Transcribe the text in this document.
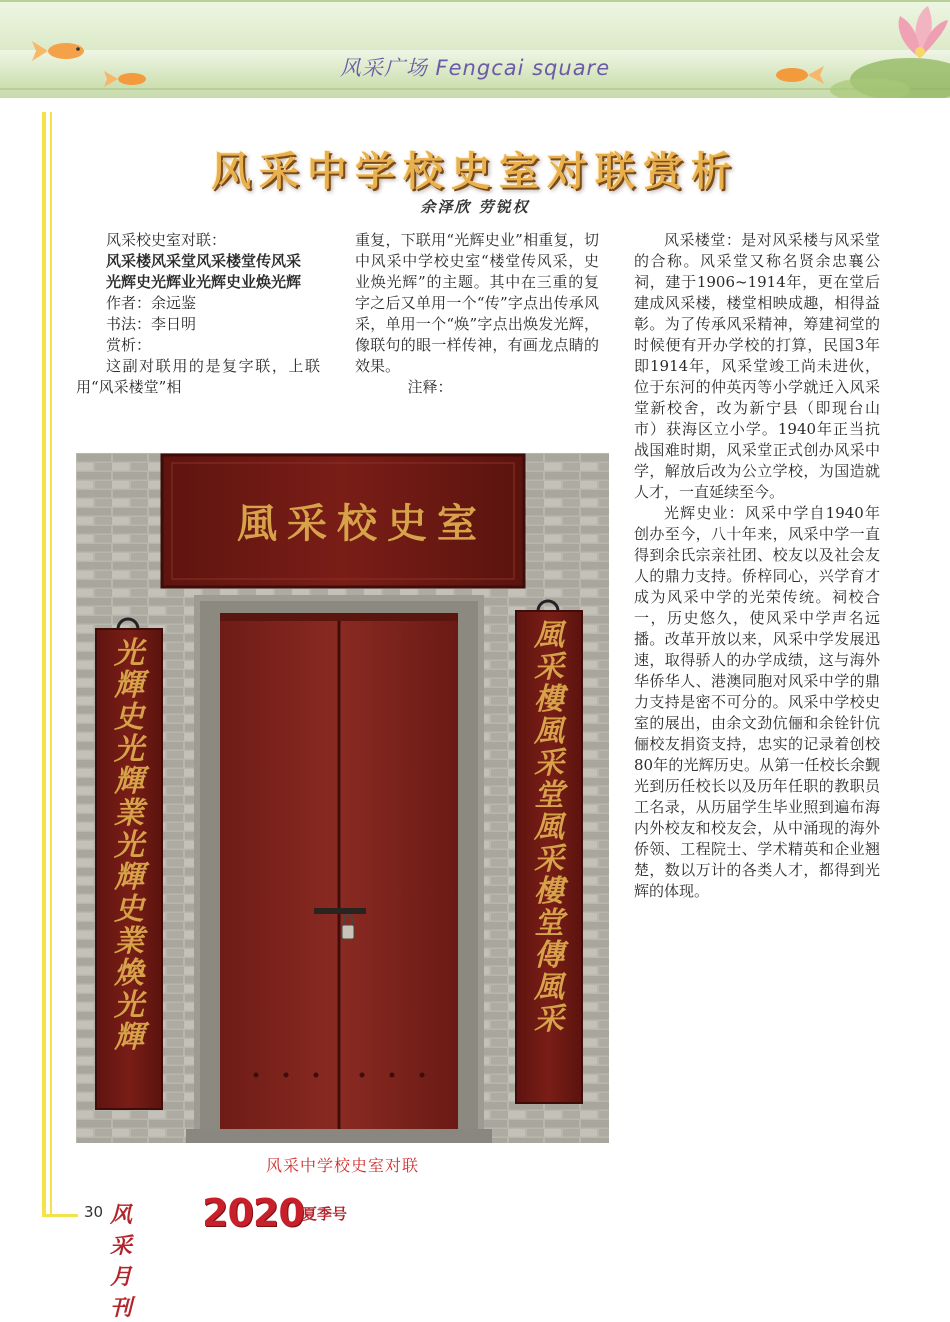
风采广场 Fengcai square
风采中学校史室对联赏析
余泽欣 劳锐权

风采校史室对联：

风采楼风采堂风采楼堂传风采

光辉史光辉业光辉史业焕光辉

作者：余远鉴

书法：李日明

赏析：

这副对联用的是复字联，上联用“风采楼堂”相

重复，下联用“光辉史业”相重复，切中风采中学校史室“楼堂传风采，史业焕光辉”的主题。其中在三重的复字之后又单用一个“传”字点出传承风采，单用一个“焕”字点出焕发光辉，像联句的眼一样传神，有画龙点睛的效果。

注释：

风采楼堂：是对风采楼与风采堂的合称。风采堂又称名贤余忠襄公祠，建于1906~1914年，更在堂后建成风采楼，楼堂相映成趣，相得益彰。为了传承风采精神，筹建祠堂的时候便有开办学校的打算，民国3年即1914年，风采堂竣工尚未进伙，位于东河的仲英丙等小学就迁入风采堂新校舍，改为新宁县（即现台山市）获海区立小学。1940年正当抗战国难时期，风采堂正式创办风采中学，解放后改为公立学校，为国造就人才，一直延续至今。

光辉史业：风采中学自1940年创办至今，八十年来，风采中学一直得到余氏宗亲社团、校友以及社会友人的鼎力支持。侨梓同心，兴学育才成为风采中学的光荣传统。祠校合一，历史悠久，使风采中学声名远播。改革开放以来，风采中学发展迅速，取得骄人的办学成绩，这与海外华侨华人、港澳同胞对风采中学的鼎力支持是密不可分的。风采中学校史室的展出，由余文劲伉俪和余铨针伉俪校友捐资支持，忠实的记录着创校80年的光辉历史。从第一任校长余觐光到历任校长以及历年任职的教职员工名录，从历届学生毕业照到遍布海内外校友和校友会，从中涌现的海外侨领、工程院士、学术精英和企业翘楚，数以万计的各类人才，都得到光辉的体现。

風采校史室
光輝史光輝業光輝史業煥光輝
風采樓風采堂風采樓堂傳風采
风采中学校史室对联
30 风采月刊
2020
夏季号
